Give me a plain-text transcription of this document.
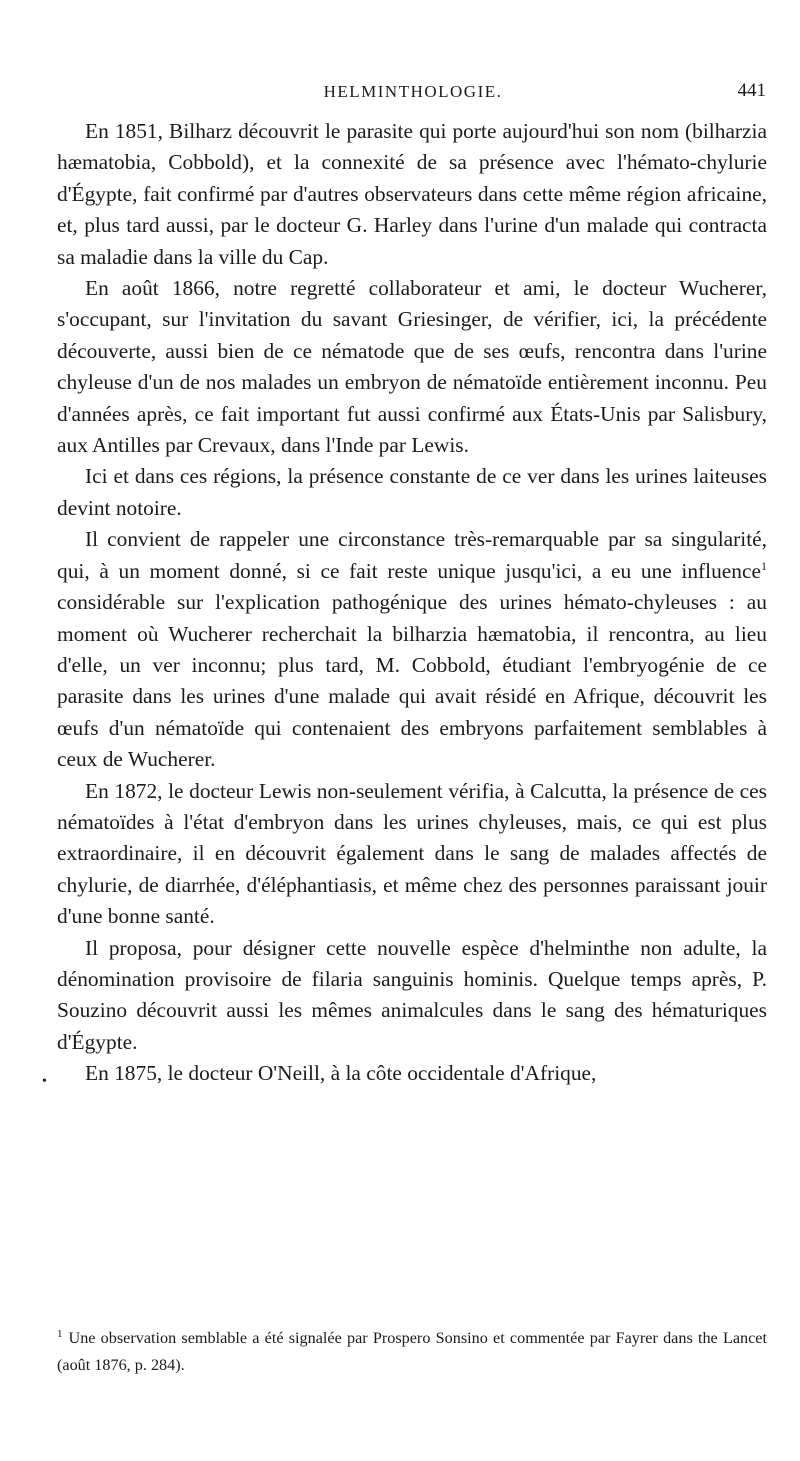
HELMINTHOLOGIE.	441

En 1851, Bilharz découvrit le parasite qui porte aujourd'hui son nom (bilharzia hæmatobia, Cobbold), et la connexité de sa présence avec l'hémato-chylurie d'Égypte, fait confirmé par d'autres observateurs dans cette même région africaine, et, plus tard aussi, par le docteur G. Harley dans l'urine d'un malade qui contracta sa maladie dans la ville du Cap.

En août 1866, notre regretté collaborateur et ami, le docteur Wucherer, s'occupant, sur l'invitation du savant Griesinger, de vérifier, ici, la précédente découverte, aussi bien de ce nématode que de ses œufs, rencontra dans l'urine chyleuse d'un de nos malades un embryon de nématoïde entièrement inconnu. Peu d'années après, ce fait important fut aussi confirmé aux États-Unis par Salisbury, aux Antilles par Crevaux, dans l'Inde par Lewis.

Ici et dans ces régions, la présence constante de ce ver dans les urines laiteuses devint notoire.

Il convient de rappeler une circonstance très-remarquable par sa singularité, qui, à un moment donné, si ce fait reste unique jusqu'ici, a eu une influence$^1$ considérable sur l'explication pathogénique des urines hémato-chyleuses : au moment où Wucherer recherchait la bilharzia hæmatobia, il rencontra, au lieu d'elle, un ver inconnu; plus tard, M. Cobbold, étudiant l'embryogénie de ce parasite dans les urines d'une malade qui avait résidé en Afrique, découvrit les œufs d'un nématoïde qui contenaient des embryons parfaitement semblables à ceux de Wucherer.

En 1872, le docteur Lewis non-seulement vérifia, à Calcutta, la présence de ces nématoïdes à l'état d'embryon dans les urines chyleuses, mais, ce qui est plus extraordinaire, il en découvrit également dans le sang de malades affectés de chylurie, de diarrhée, d'éléphantiasis, et même chez des personnes paraissant jouir d'une bonne santé.

Il proposa, pour désigner cette nouvelle espèce d'helminthe non adulte, la dénomination provisoire de filaria sanguinis hominis. Quelque temps après, P. Souzino découvrit aussi les mêmes animalcules dans le sang des hématuriques d'Égypte.

En 1875, le docteur O'Neill, à la côte occidentale d'Afrique,

•

$^1$ Une observation semblable a été signalée par Prospero Sonsino et commentée par Fayrer dans the Lancet (août 1876, p. 284).
